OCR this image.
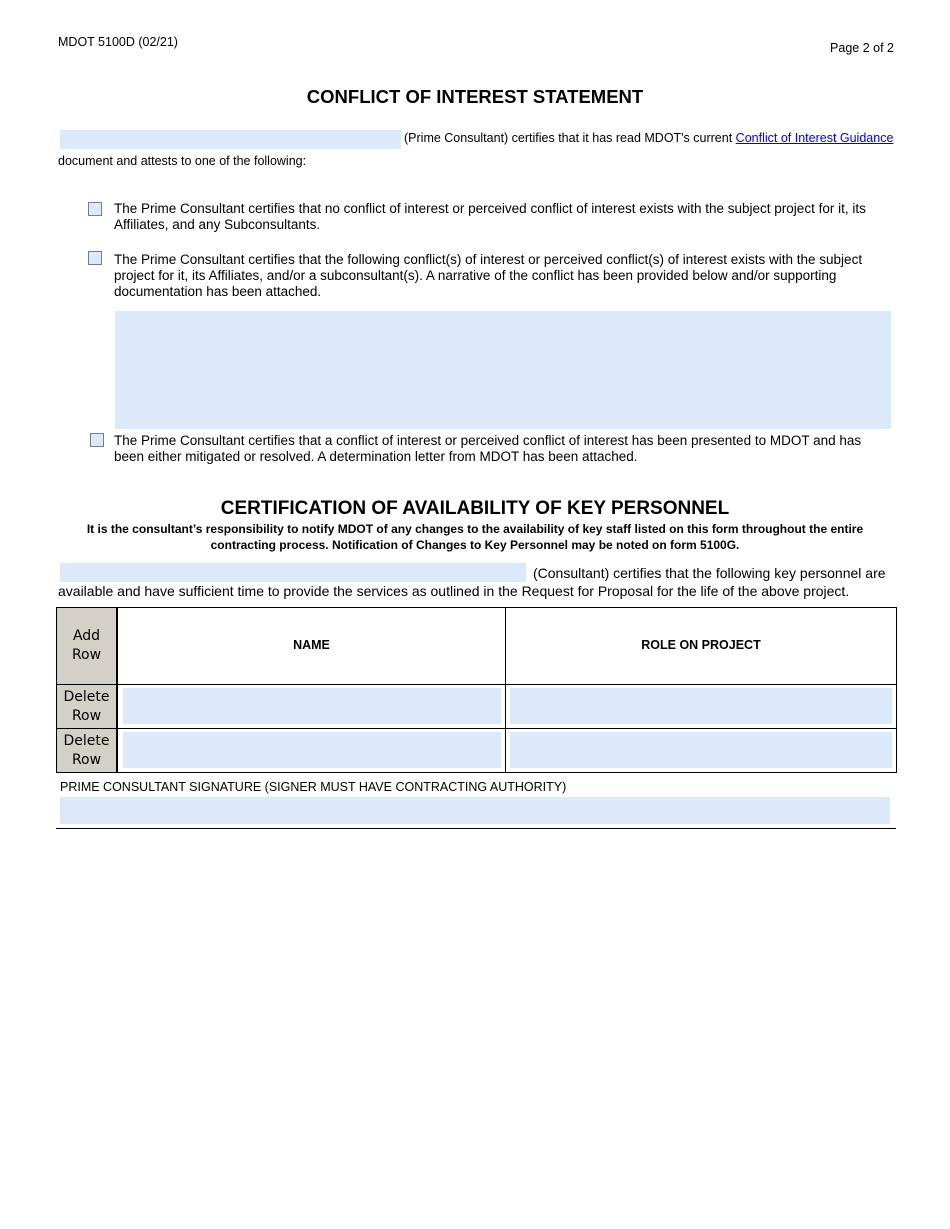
MDOT 5100D (02/21)	Page 2 of 2
CONFLICT OF INTEREST STATEMENT
(Prime Consultant) certifies that it has read MDOT's current Conflict of Interest Guidance
document and attests to one of the following:
The Prime Consultant certifies that no conflict of interest or perceived conflict of interest exists with the subject project for it, its Affiliates, and any Subconsultants.
The Prime Consultant certifies that the following conflict(s) of interest or perceived conflict(s) of interest exists with the subject project for it, its Affiliates, and/or a subconsultant(s). A narrative of the conflict has been provided below and/or supporting documentation has been attached.
The Prime Consultant certifies that a conflict of interest or perceived conflict of interest has been presented to MDOT and has been either mitigated or resolved. A determination letter from MDOT has been attached.
CERTIFICATION OF AVAILABILITY OF KEY PERSONNEL
It is the consultant’s responsibility to notify MDOT of any changes to the availability of key staff listed on this form throughout the entire
contracting process. Notification of Changes to Key Personnel may be noted on form 5100G.
(Consultant) certifies that the following key personnel are
available and have sufficient time to provide the services as outlined in the Request for Proposal for the life of the above project.
Add Row
NAME	ROLE ON PROJECT
Delete Row
Delete Row
PRIME CONSULTANT SIGNATURE (SIGNER MUST HAVE CONTRACTING AUTHORITY)
